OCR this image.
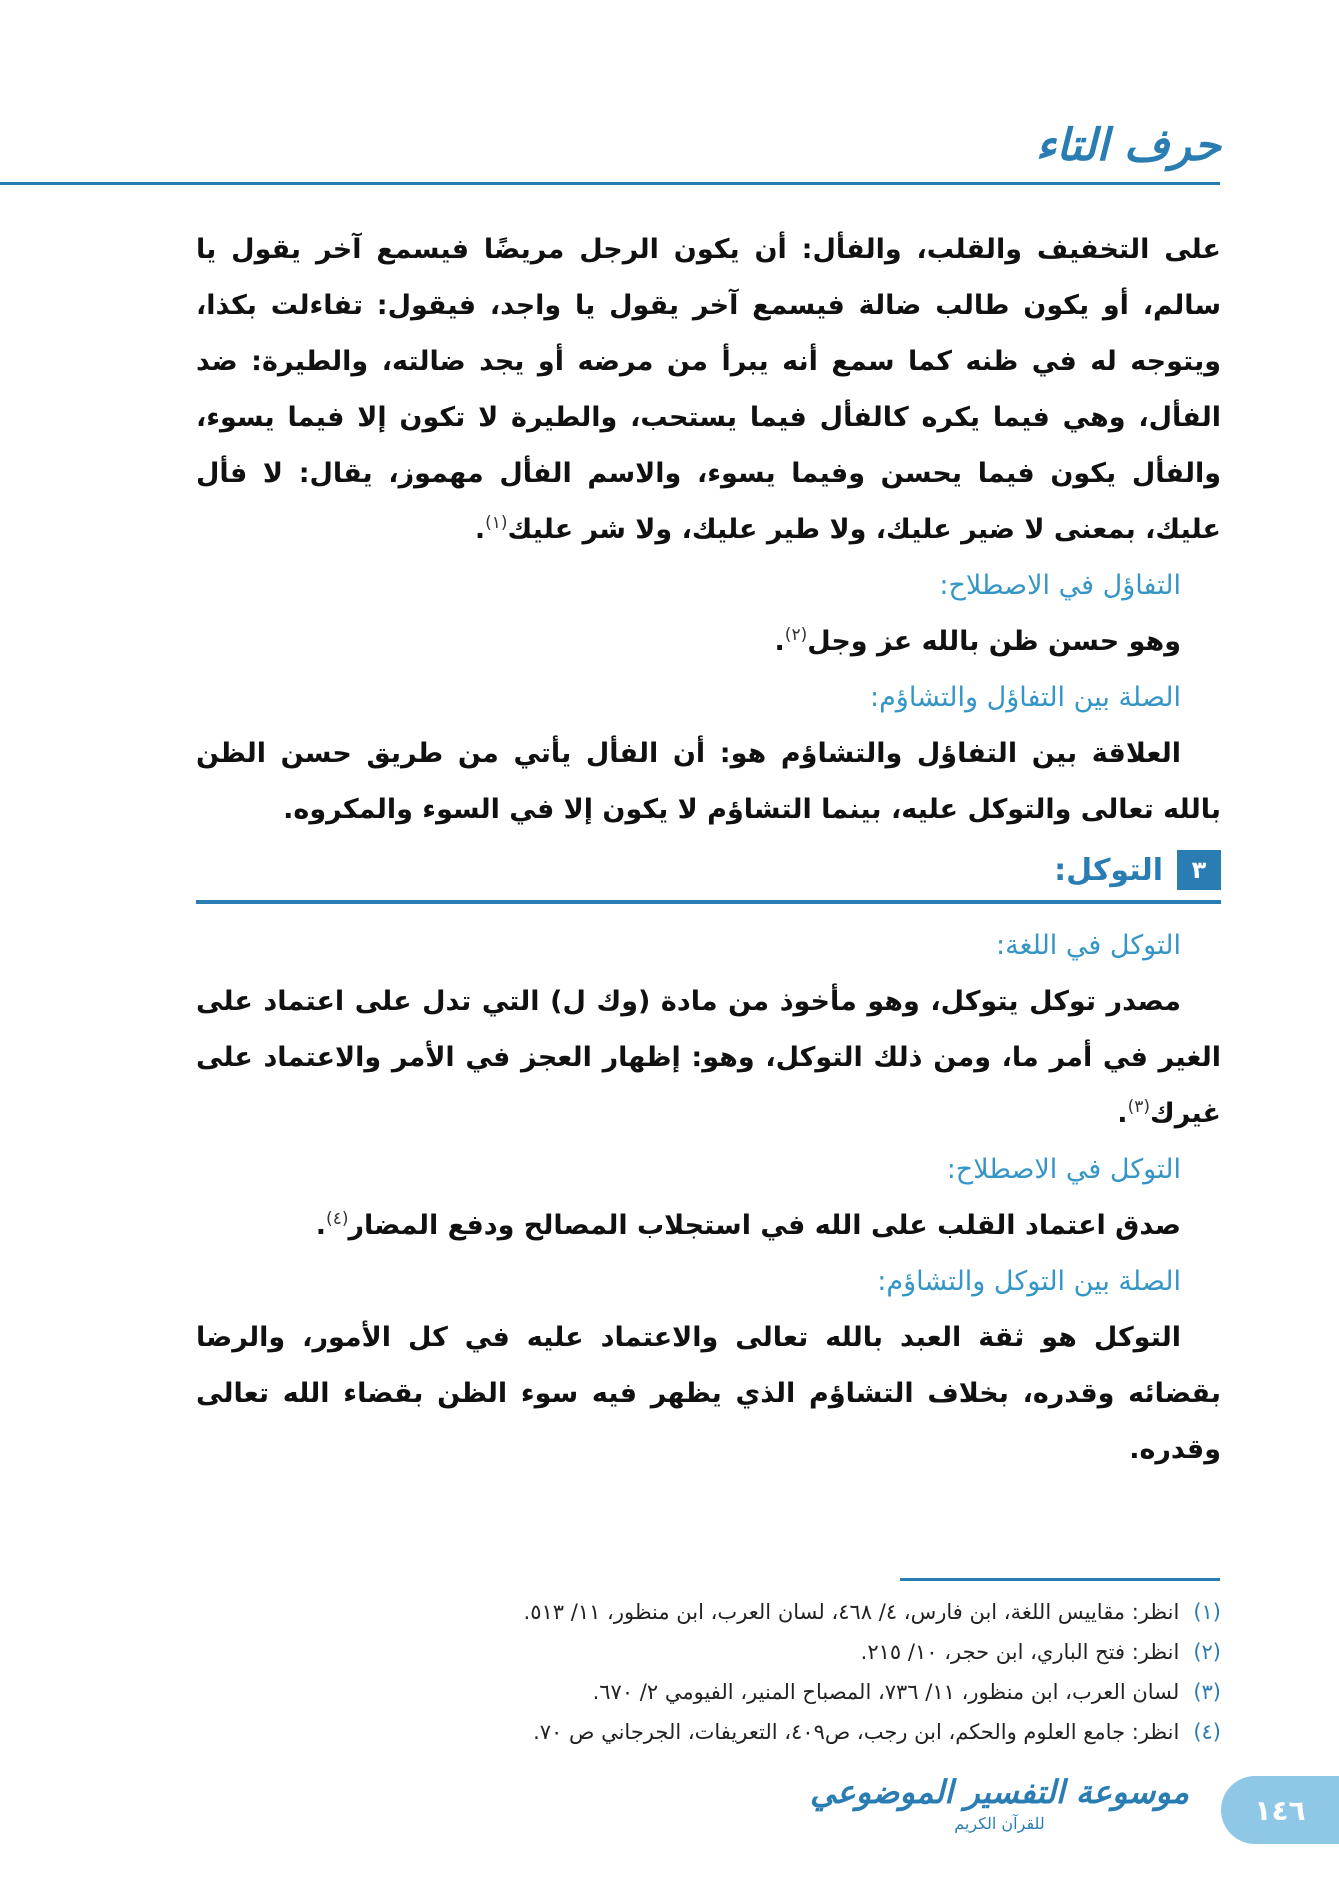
حرف التاء

على التخفيف والقلب، والفأل: أن يكون الرجل مريضًا فيسمع آخر يقول يا سالم، أو يكون طالب ضالة فيسمع آخر يقول يا واجد، فيقول: تفاءلت بكذا، ويتوجه له في ظنه كما سمع أنه يبرأ من مرضه أو يجد ضالته، والطيرة: ضد الفأل، وهي فيما يكره كالفأل فيما يستحب، والطيرة لا تكون إلا فيما يسوء، والفأل يكون فيما يحسن وفيما يسوء، والاسم الفأل مهموز، يقال: لا فأل عليك، بمعنى لا ضير عليك، ولا طير عليك، ولا شر عليك$^{(١)}$.

التفاؤل في الاصطلاح:

وهو حسن ظن بالله عز وجل$^{(٢)}$.

الصلة بين التفاؤل والتشاؤم:

العلاقة بين التفاؤل والتشاؤم هو: أن الفأل يأتي من طريق حسن الظن بالله تعالى والتوكل عليه، بينما التشاؤم لا يكون إلا في السوء والمكروه.

٣
التوكل:

التوكل في اللغة:

مصدر توكل يتوكل، وهو مأخوذ من مادة (وك ل) التي تدل على اعتماد على الغير في أمر ما، ومن ذلك التوكل، وهو: إظهار العجز في الأمر والاعتماد على غيرك$^{(٣)}$.

التوكل في الاصطلاح:

صدق اعتماد القلب على الله في استجلاب المصالح ودفع المضار$^{(٤)}$.

الصلة بين التوكل والتشاؤم:

التوكل هو ثقة العبد بالله تعالى والاعتماد عليه في كل الأمور، والرضا بقضائه وقدره، بخلاف التشاؤم الذي يظهر فيه سوء الظن بقضاء الله تعالى وقدره.

(١)انظر: مقاييس اللغة، ابن فارس، ٤/ ٤٦٨، لسان العرب، ابن منظور، ١١/ ٥١٣.

(٢)انظر: فتح الباري، ابن حجر، ١٠/ ٢١٥.

(٣)لسان العرب، ابن منظور، ١١/ ٧٣٦، المصباح المنير، الفيومي ٢/ ٦٧٠.

(٤)انظر: جامع العلوم والحكم، ابن رجب، ص٤٠٩، التعريفات، الجرجاني ص ٧٠.

١٤٦
موسوعة التفسير الموضوعي
للقرآن الكريم
